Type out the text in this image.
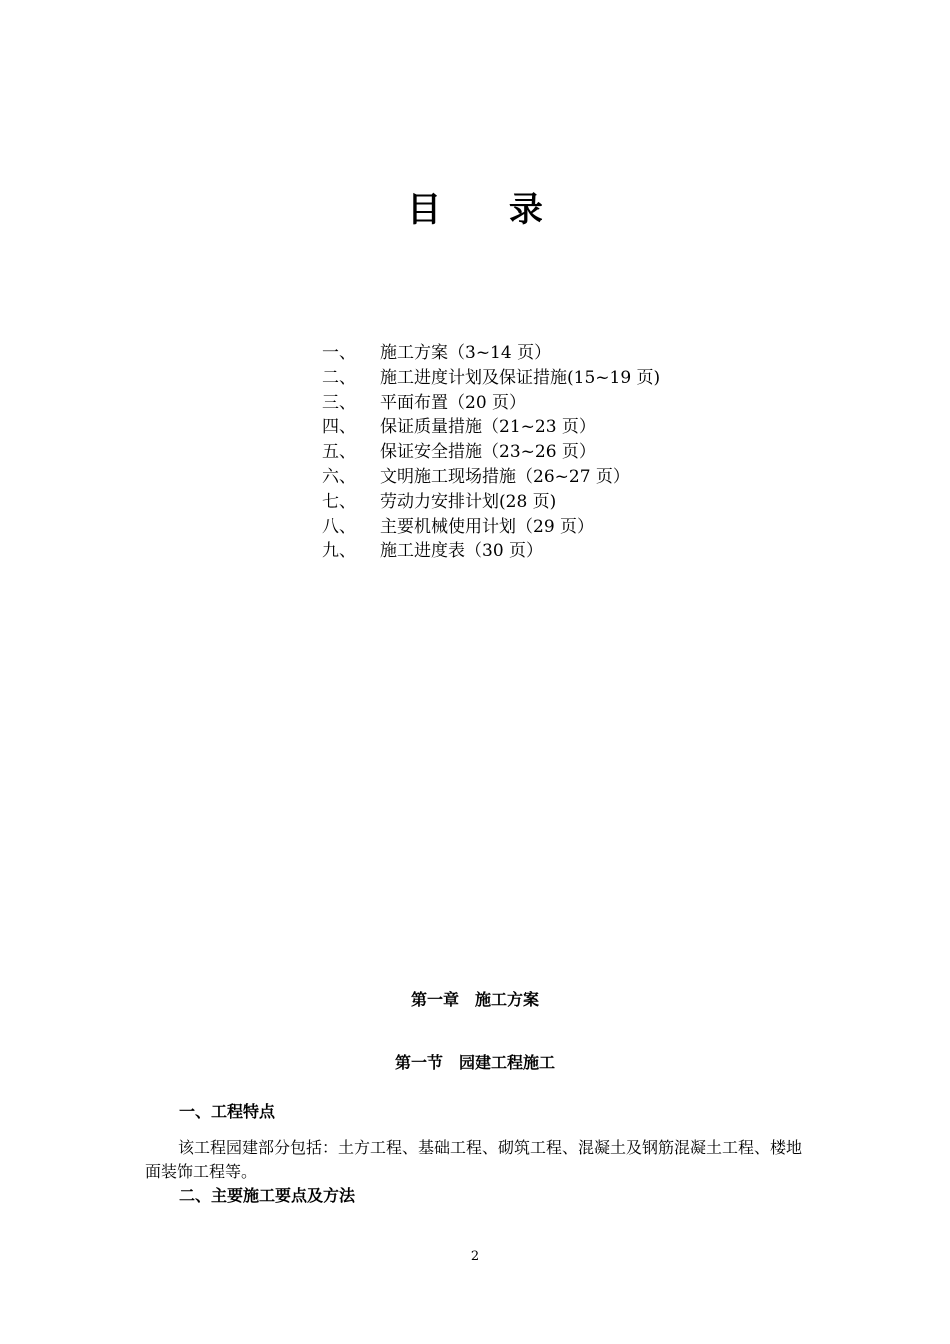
目 录
一、 施工方案（3~14 页）
二、 施工进度计划及保证措施(15~19 页)
三、 平面布置（20 页）
四、 保证质量措施（21~23 页）
五、 保证安全措施（23~26 页）
六、 文明施工现场措施（26~27 页）
七、 劳动力安排计划(28 页)
八、 主要机械使用计划（29 页）
九、 施工进度表（30 页）
第一章　施工方案
第一节　园建工程施工
一、工程特点

该工程园建部分包括：土方工程、基础工程、砌筑工程、混凝土及钢筋混凝土工程、楼地面装饰工程等。

二、主要施工要点及方法
2
